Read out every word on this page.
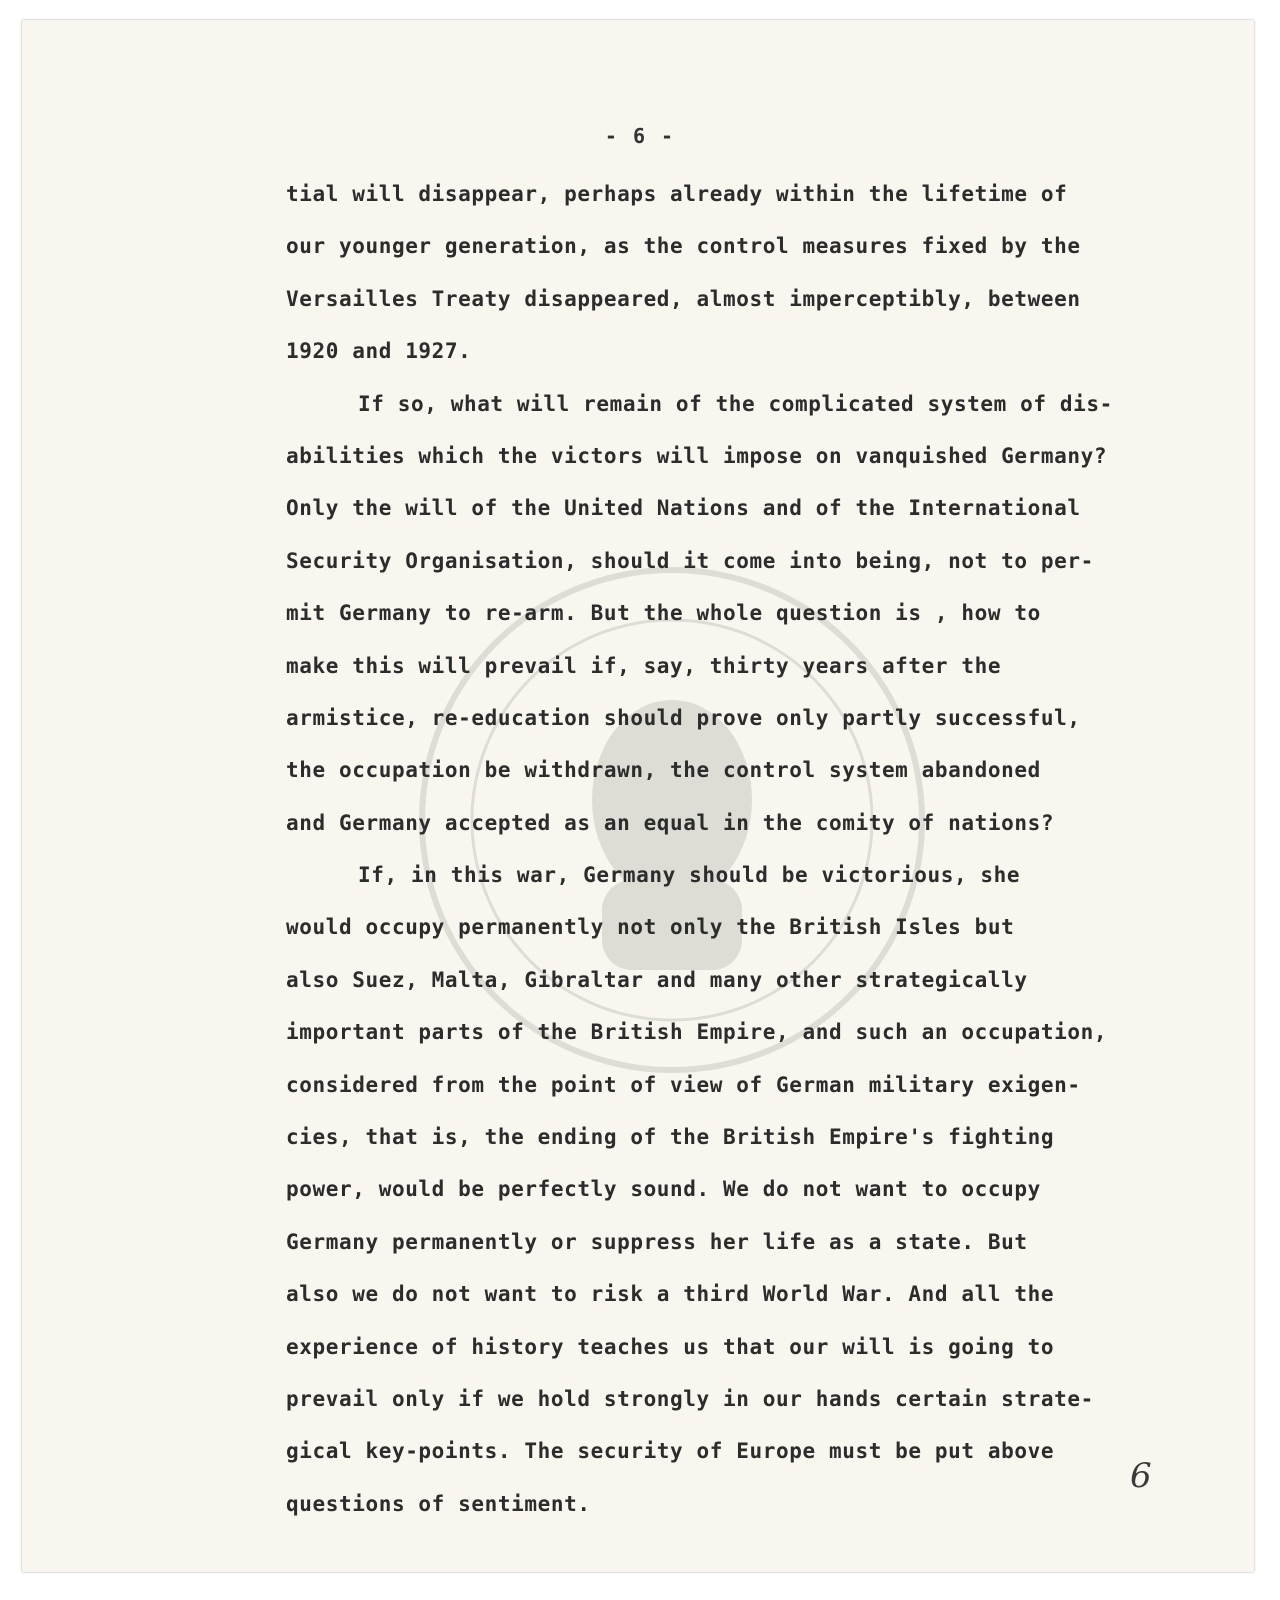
- 6 -
tial will disappear, perhaps already within the lifetime of
our younger generation, as the control measures fixed by the
Versailles Treaty disappeared, almost imperceptibly, between
1920 and 1927.
If so, what will remain of the complicated system of dis-
abilities which the victors will impose on vanquished Germany?
Only the will of the United Nations and of the International
Security Organisation, should it come into being, not to per-
mit Germany to re-arm. But the whole question is , how to
make this will prevail if, say, thirty years after the
armistice, re-education should prove only partly successful,
the occupation be withdrawn, the control system abandoned
and Germany accepted as an equal in the comity of nations?
If, in this war, Germany should be victorious, she
would occupy permanently not only the British Isles but
also Suez, Malta, Gibraltar and many other strategically
important parts of the British Empire, and such an occupation,
considered from the point of view of German military exigen-
cies, that is, the ending of the British Empire's fighting
power, would be perfectly sound. We do not want to occupy
Germany permanently or suppress her life as a state. But
also we do not want to risk a third World War. And all the
experience of history teaches us that our will is going to
prevail only if we hold strongly in our hands certain strate-
gical key-points. The security of Europe must be put above
questions of sentiment.
6
